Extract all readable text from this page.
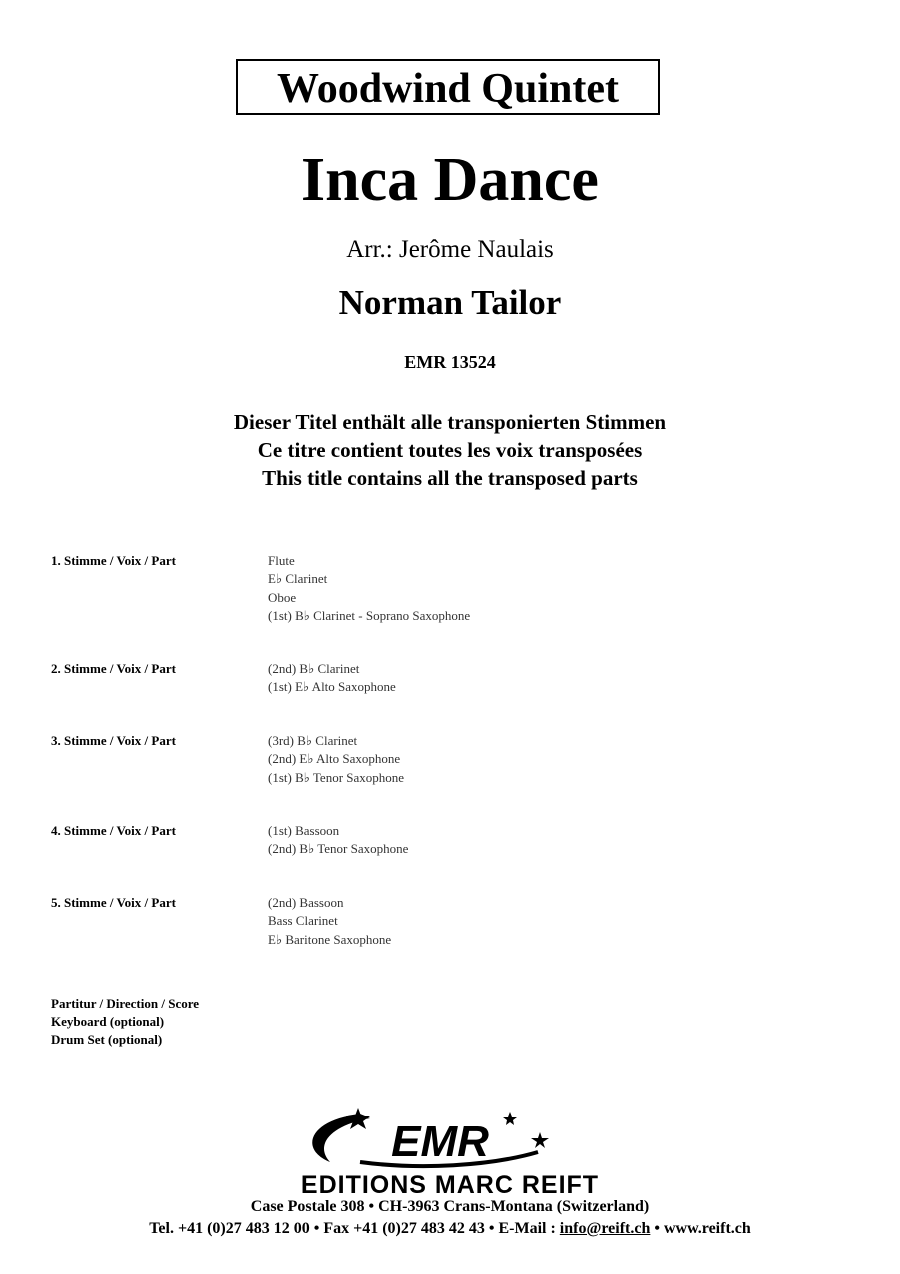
Woodwind Quintet
Inca Dance
Arr.: Jerôme Naulais
Norman Tailor
EMR 13524
Dieser Titel enthält alle transponierten Stimmen
Ce titre contient toutes les voix transposées
This title contains all the transposed parts
1. Stimme / Voix / Part	Flute
E♭ Clarinet
Oboe
(1st) B♭ Clarinet - Soprano Saxophone
2. Stimme / Voix / Part	(2nd) B♭ Clarinet
(1st) E♭ Alto Saxophone
3. Stimme / Voix / Part	(3rd) B♭ Clarinet
(2nd) E♭ Alto Saxophone
(1st) B♭ Tenor Saxophone
4. Stimme / Voix / Part	(1st) Bassoon
(2nd) B♭ Tenor Saxophone
5. Stimme / Voix / Part	(2nd) Bassoon
Bass Clarinet
E♭ Baritone Saxophone
Partitur / Direction / Score
Keyboard (optional)
Drum Set (optional)
EMR
EDITIONS MARC REIFT
Case Postale 308 • CH-3963 Crans-Montana (Switzerland)
Tel. +41 (0)27 483 12 00 • Fax +41 (0)27 483 42 43 • E-Mail : info@reift.ch • www.reift.ch
